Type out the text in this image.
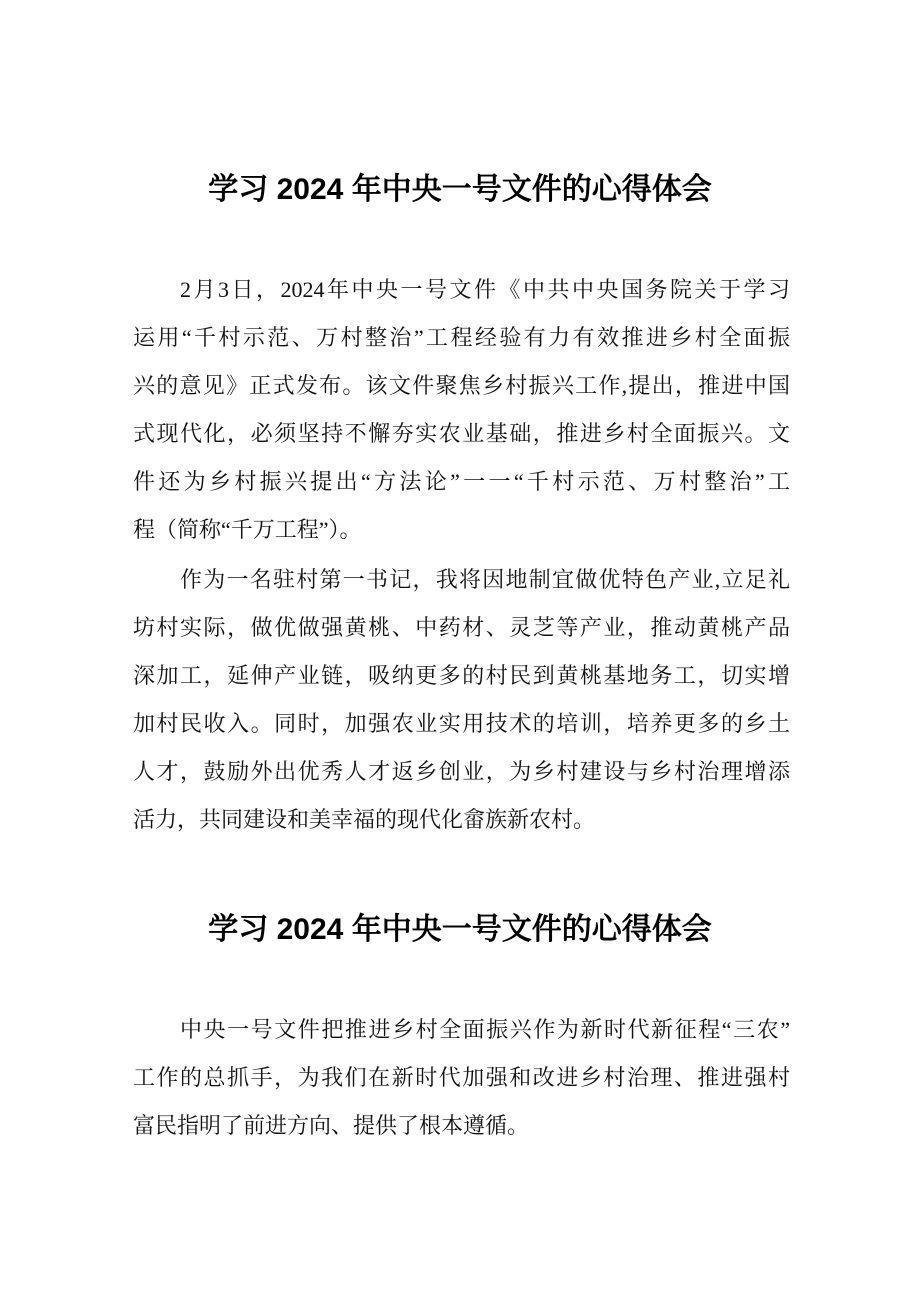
学习 2024 年中央一号文件的心得体会
2月3日，2024年中央一号文件《中共中央国务院关于学习
运用“千村示范、万村整治”工程经验有力有效推进乡村全面振
兴的意见》正式发布。该文件聚焦乡村振兴工作,提出，推进中国
式现代化，必须坚持不懈夯实农业基础，推进乡村全面振兴。文
件还为乡村振兴提出“方法论”一一“千村示范、万村整治”工
程（简称“千万工程”）。
作为一名驻村第一书记，我将因地制宜做优特色产业,立足礼
坊村实际，做优做强黄桃、中药材、灵芝等产业，推动黄桃产品
深加工，延伸产业链，吸纳更多的村民到黄桃基地务工，切实增
加村民收入。同时，加强农业实用技术的培训，培养更多的乡土
人才，鼓励外出优秀人才返乡创业，为乡村建设与乡村治理增添
活力，共同建设和美幸福的现代化畲族新农村。
学习 2024 年中央一号文件的心得体会
中央一号文件把推进乡村全面振兴作为新时代新征程“三农”
工作的总抓手，为我们在新时代加强和改进乡村治理、推进强村
富民指明了前进方向、提供了根本遵循。
